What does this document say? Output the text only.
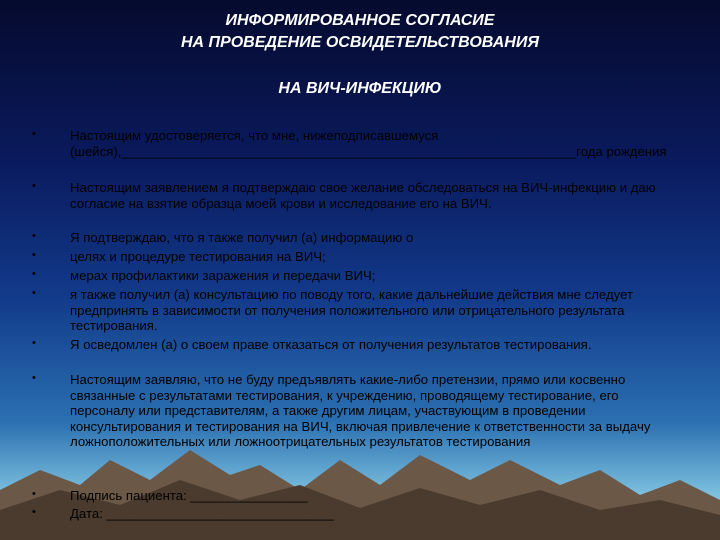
ИНФОРМИРОВАННОЕ СОГЛАСИЕ
НА ПРОВЕДЕНИЕ ОСВИДЕТЕЛЬСТВОВАНИЯ
НА ВИЧ-ИНФЕКЦИЮ
•	Настоящим удостоверяется, что мне, нижеподписавшемуся (шейся),______________________________________________________________года рождения
•	Настоящим заявлением я подтверждаю свое желание обследоваться на ВИЧ-инфекцию и даю согласие на взятие образца моей крови и исследование его на ВИЧ.
•	Я подтверждаю, что я также получил (а) информацию о
•	целях и процедуре тестирования на ВИЧ;
•	мерах профилактики заражения и передачи ВИЧ;
•	я также получил (а) консультацию по поводу того, какие дальнейшие действия мне следует предпринять в зависимости от получения положительного или отрицательного результата тестирования.
•	Я осведомлен (а) о своем праве отказаться от получения результатов тестирования.
•	Настоящим заявляю, что не буду предъявлять какие-либо претензии, прямо или косвенно связанные с результатами тестирования, к учреждению, проводящему тестирование, его персоналу или представителям, а также другим лицам, участвующим в проведении консультирования и тестирования на ВИЧ, включая привлечение к ответственности за выдачу ложноположительных или ложноотрицательных результатов тестирования
•	Подпись пациента: ________________
•	Дата: _______________________________
